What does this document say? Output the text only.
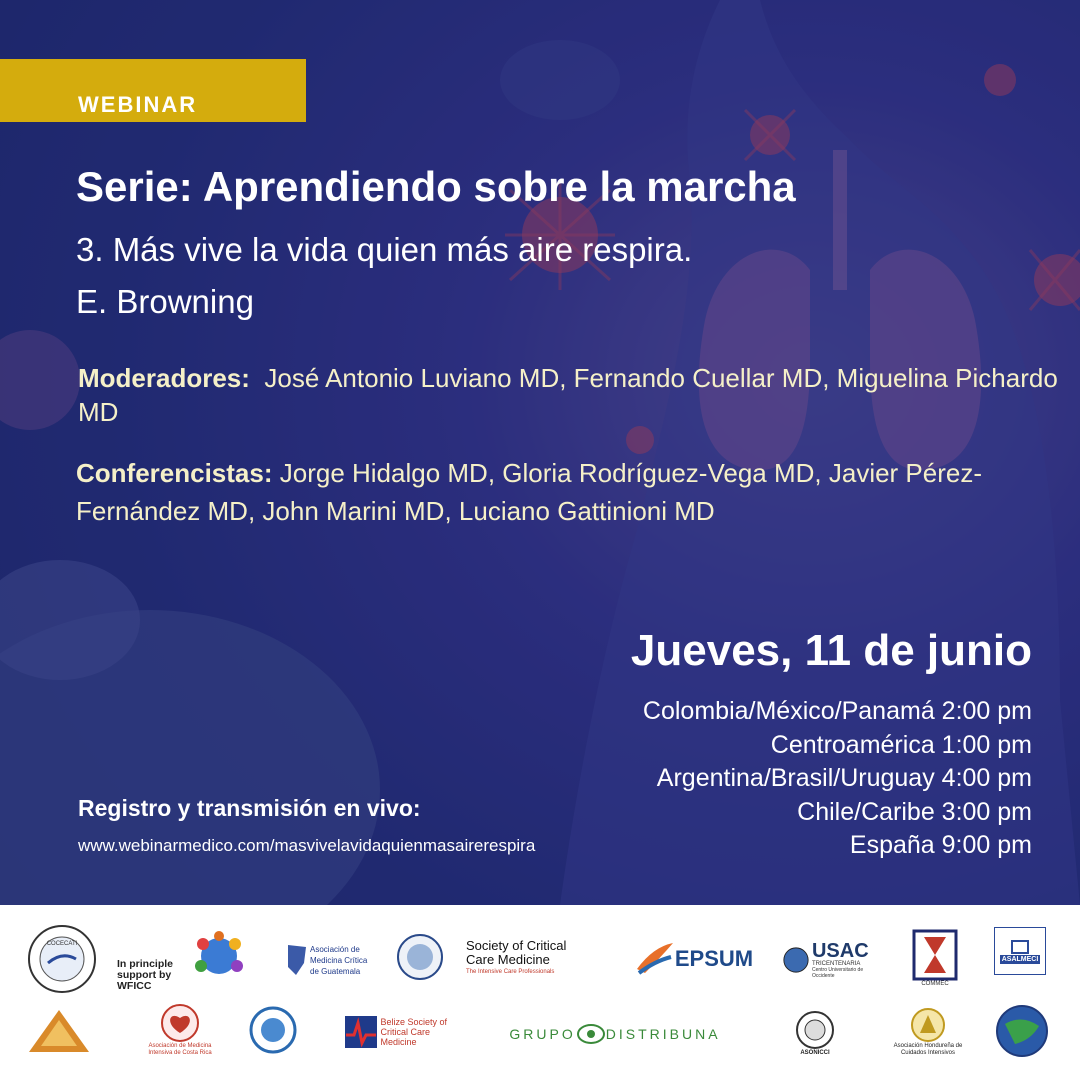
WEBINAR
Serie: Aprendiendo sobre la marcha
3. Más vive la vida quien más aire respira.
E. Browning
Moderadores: José Antonio Luviano MD, Fernando Cuellar MD, Miguelina Pichardo MD
Conferencistas: Jorge Hidalgo MD, Gloria Rodríguez-Vega MD, Javier Pérez-Fernández MD, John Marini MD, Luciano Gattinioni MD
Jueves, 11 de junio
Colombia/México/Panamá 2:00 pm
Centroamérica 1:00 pm
Argentina/Brasil/Uruguay 4:00 pm
Chile/Caribe 3:00 pm
España 9:00 pm
Registro y transmisión en vivo:
www.webinarmedico.com/masvivelavidaquienmasairerespira
COCECATI
In principle support by WFICC
Asociación de Medicina Crítica de Guatemala
Society of Critical Care Medicine
The Intensive Care Professionals
EPSUM	USAC
TRICENTENARIA
Centro Universitario de Occidente
COMMEC
ASALMECI
Asociación de Medicina Intensiva de Costa Rica
Belize Society of Critical Care Medicine	GRUPO DISTRIBUNA
ASONICCI
Asociación Hondureña de Cuidados Intensivos
